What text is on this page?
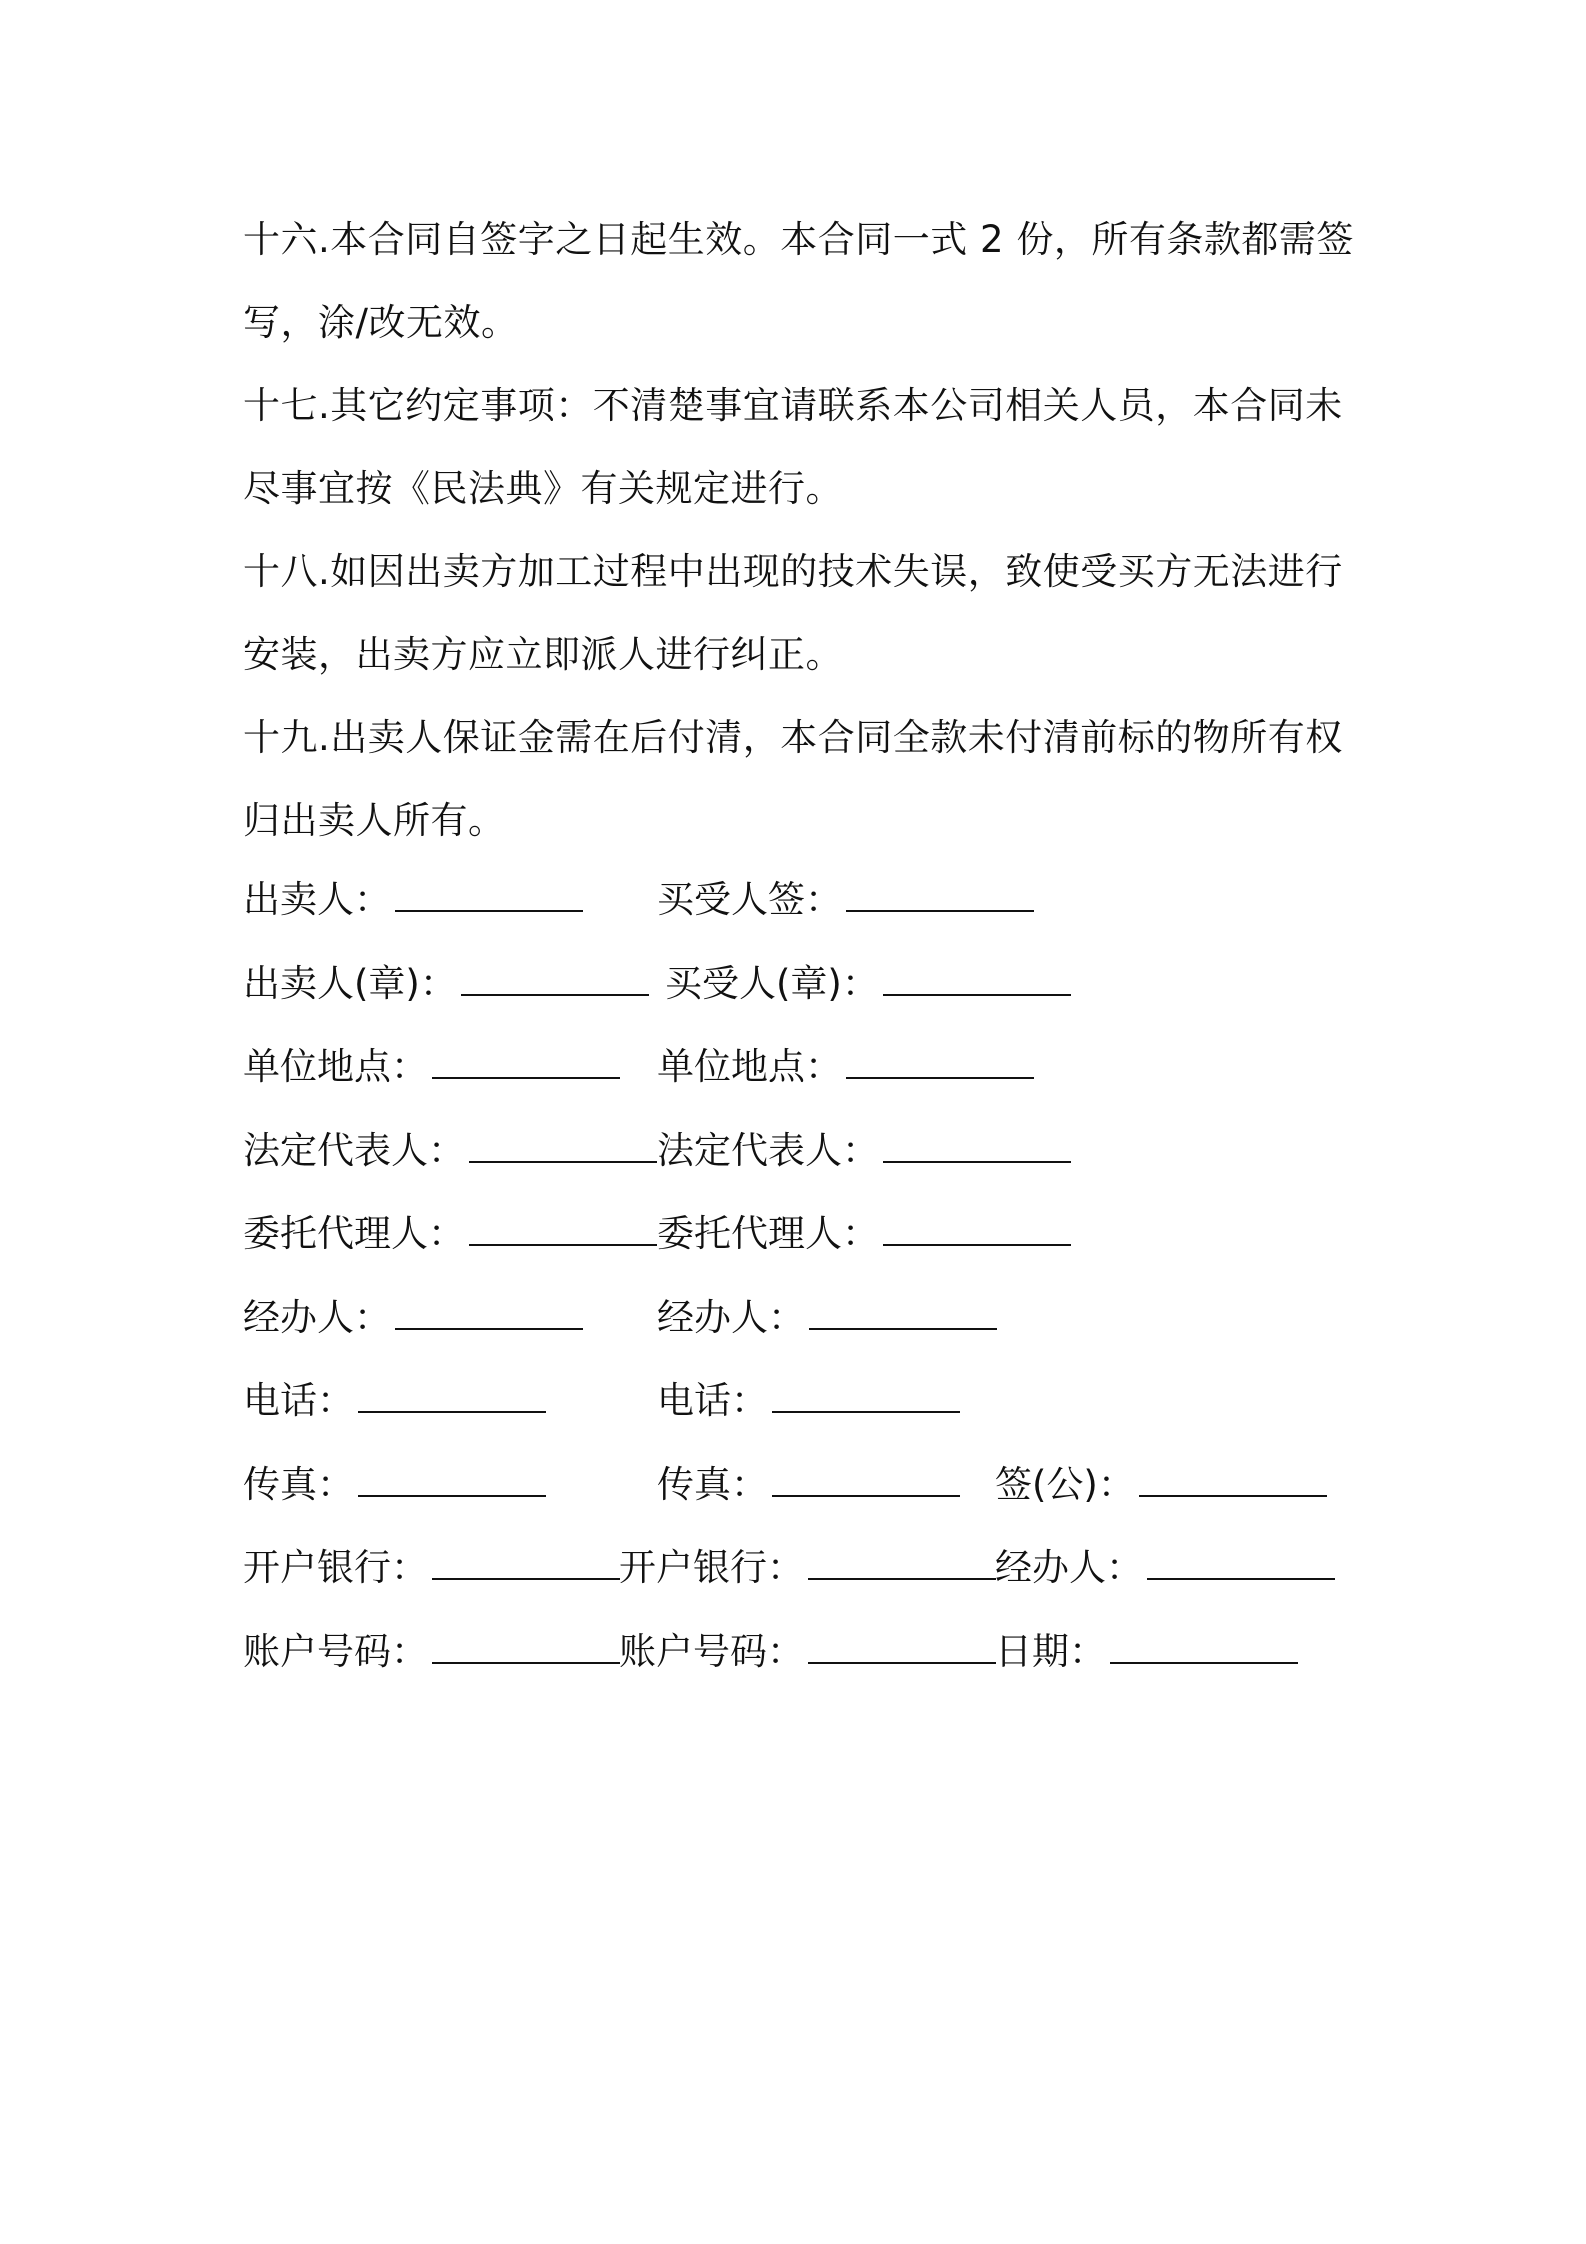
十六.本合同自签字之日起生效。本合同一式 2 份，所有条款都需签写，涂/改无效。

十七.其它约定事项：不清楚事宜请联系本公司相关人员，本合同未尽事宜按《民法典》有关规定进行。

十八.如因出卖方加工过程中出现的技术失误，致使受买方无法进行安装，出卖方应立即派人进行纠正。

十九.出卖人保证金需在后付清，本合同全款未付清前标的物所有权归出卖人所有。

出卖人：	买受人签：
出卖人(章)：	买受人(章)：
单位地点：	单位地点：
法定代表人：	法定代表人：
委托代理人：	委托代理人：
经办人：	经办人：
电话：	电话：
传真：	传真：	签(公)：
开户银行：	开户银行：	经办人：
账户号码：	账户号码：	日期：
